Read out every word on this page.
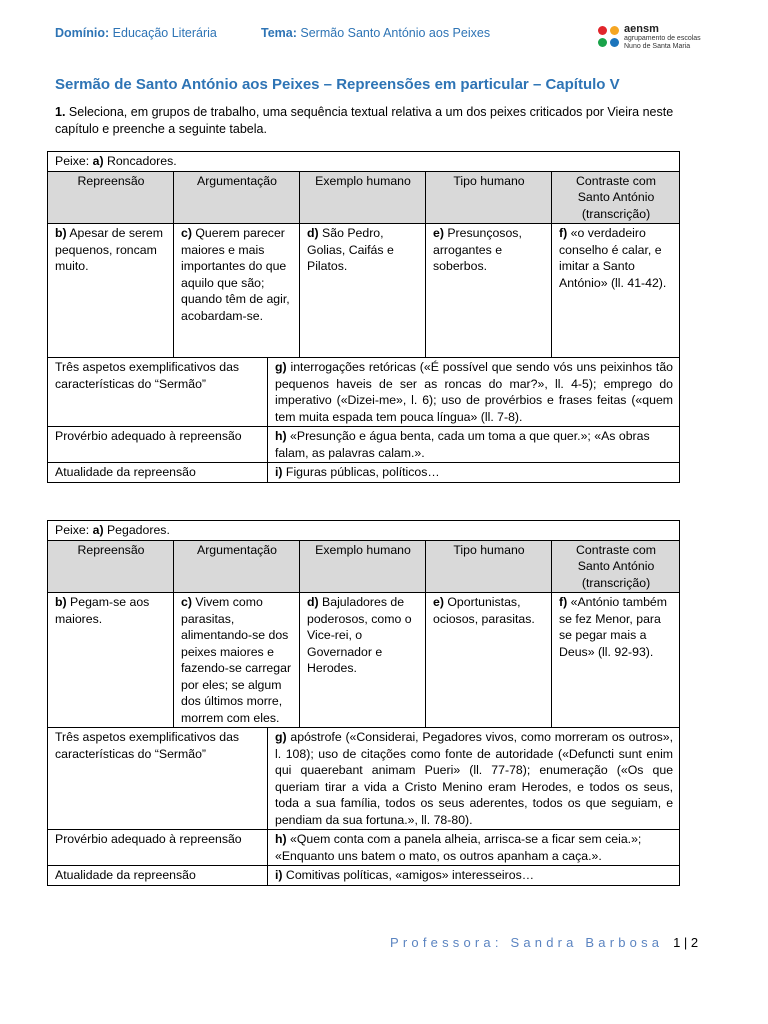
Domínio: Educação Literária	Tema: Sermão Santo António aos Peixes	aensm
agrupamento de escolas
Nuno de Santa Maria
Sermão de Santo António aos Peixes – Repreensões em particular – Capítulo V
1. Seleciona, em grupos de trabalho, uma sequência textual relativa a um dos peixes criticados por Vieira neste capítulo e preenche a seguinte tabela.
Peixe: a) Roncadores.					
Repreensão	Argumentação		Exemplo humano	Tipo humano	Contraste com Santo António (transcrição)
b) Apesar de serem pequenos, roncam muito.	c) Querem parecer maiores e mais importantes do que aquilo que são; quando têm de agir, acobardam-se.		d) São Pedro, Golias, Caifás e Pilatos.	e) Presunçosos, arrogantes e soberbos.	f) «o verdadeiro conselho é calar, e imitar a Santo António» (ll. 41-42).
Três aspetos exemplificativos das características do “Sermão”		g) interrogações retóricas («É possível que sendo vós uns peixinhos tão pequenos haveis de ser as roncas do mar?», ll. 4-5); emprego do imperativo («Dizei-me», l. 6); uso de provérbios e frases feitas («quem tem muita espada tem pouca língua» (ll. 7-8).			
Provérbio adequado à repreensão		h) «Presunção e água benta, cada um toma a que quer.»; «As obras falam, as palavras calam.».			
Atualidade da repreensão		i) Figuras públicas, políticos…			
Peixe: a) Pegadores.					
Repreensão	Argumentação		Exemplo humano	Tipo humano	Contraste com Santo António (transcrição)
b) Pegam-se aos maiores.	c) Vivem como parasitas, alimentando-se dos peixes maiores e fazendo-se carregar por eles; se algum dos últimos morre, morrem com eles.		d) Bajuladores de poderosos, como o Vice-rei, o Governador e Herodes.	e) Oportunistas, ociosos, parasitas.	f) «António também se fez Menor, para se pegar mais a Deus» (ll. 92-93).
Três aspetos exemplificativos das características do “Sermão”		g) apóstrofe («Considerai, Pegadores vivos, como morreram os outros», l. 108); uso de citações como fonte de autoridade («Defuncti sunt enim qui quaerebant animam Pueri» (ll. 77-78); enumeração («Os que queriam tirar a vida a Cristo Menino eram Herodes, e todos os seus, toda a sua família, todos os seus aderentes, todos os que seguiam, e pendiam da sua fortuna.», ll. 78-80).			
Provérbio adequado à repreensão		h) «Quem conta com a panela alheia, arrisca-se a ficar sem ceia.»; «Enquanto uns batem o mato, os outros apanham a caça.».			
Atualidade da repreensão		i) Comitivas políticas, «amigos» interesseiros…			
Professora: Sandra Barbosa 1 | 2
